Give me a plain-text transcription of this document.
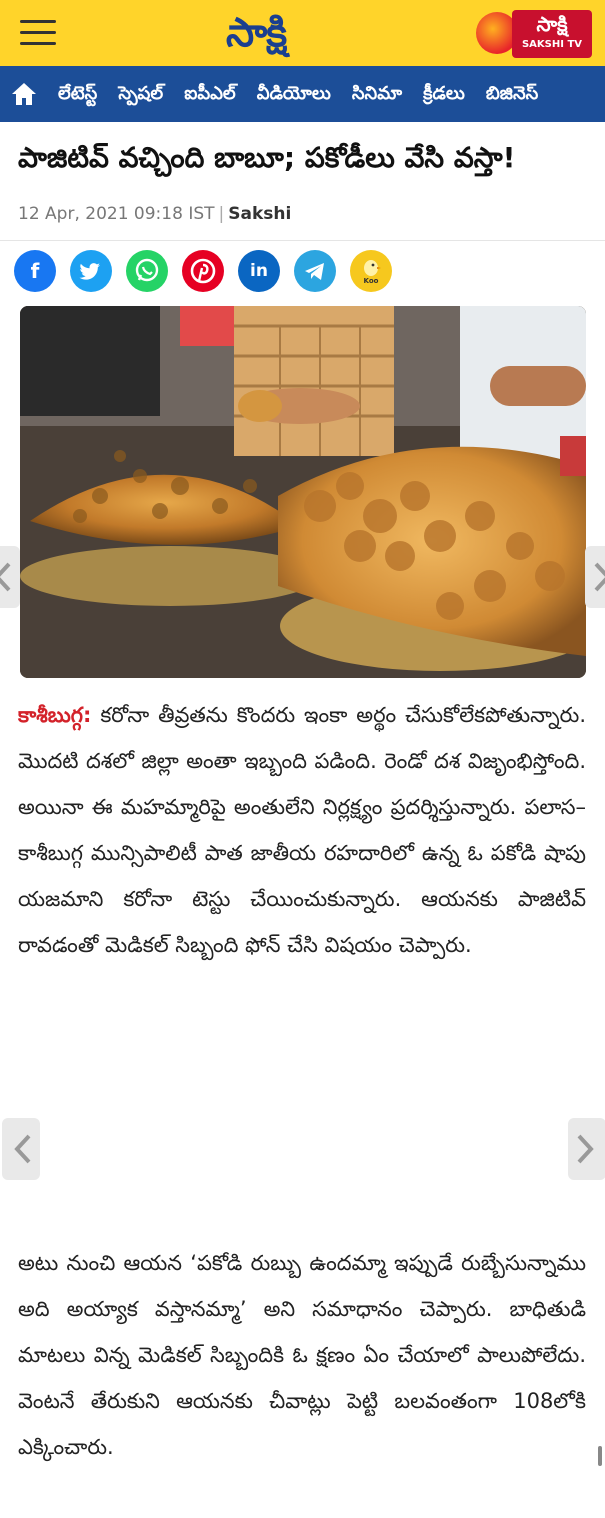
సాక్షి	సాక్షి
SAKSHI TV
లేటెస్ట్ స్పెషల్ ఐపీఎల్ వీడియోలు సినిమా క్రీడలు బిజినెస్
పాజిటివ్ వచ్చింది బాబూ; పకోడీలు వేసి వస్తా!
12 Apr, 2021 09:18 IST | Sakshi
f	in	Koo
కాశీబుగ్గ: కరోనా తీవ్రతను కొందరు ఇంకా అర్థం చేసుకోలేకపోతున్నారు. మొదటి దశలో జిల్లా అంతా ఇబ్బంది పడింది. రెండో దశ విజృంభిస్తోంది. అయినా ఈ మహమ్మారిపై అంతులేని నిర్లక్ష్యం ప్రదర్శిస్తున్నారు. పలాస–కాశీబుగ్గ మున్సిపాలిటీ పాత జాతీయ రహదారిలో ఉన్న ఓ పకోడి షాపు యజమాని కరోనా టెస్టు చేయించుకున్నారు. ఆయనకు పాజిటివ్ రావడంతో మెడికల్ సిబ్బంది ఫోన్ చేసి విషయం చెప్పారు.
అటు నుంచి ఆయన ‘పకోడి రుబ్బు ఉందమ్మా ఇప్పుడే రుబ్బేసున్నాము అది అయ్యాక వస్తానమ్మా’ అని సమాధానం చెప్పారు. బాధితుడి మాటలు విన్న మెడికల్ సిబ్బందికి ఓ క్షణం ఏం చేయాలో పాలుపోలేదు. వెంటనే తేరుకుని ఆయనకు చీవాట్లు పెట్టి బలవంతంగా 108లోకి ఎక్కించారు.
